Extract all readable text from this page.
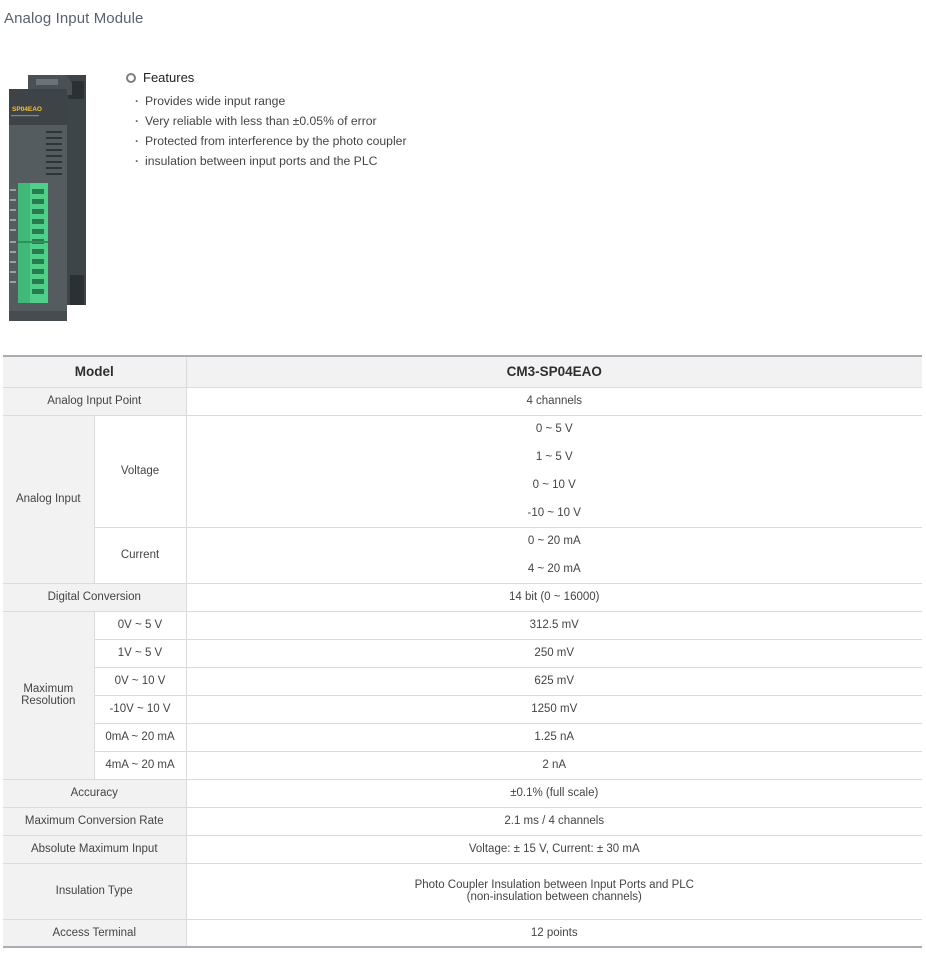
Analog Input Module
SP04EAO
Features
· Provides wide input range
· Very reliable with less than ±0.05% of error
· Protected from interference by the photo coupler
· insulation between input ports and the PLC
Model		CM3-SP04EAO
Analog Input Point		4 channels
Analog Input	Voltage	0 ~ 5 V
		1 ~ 5 V
		0 ~ 10 V
		-10 ~ 10 V
	Current	0 ~ 20 mA
		4 ~ 20 mA
Digital Conversion		14 bit (0 ~ 16000)
Maximum
Resolution	0V ~ 5 V	312.5 mV
	1V ~ 5 V	250 mV
	0V ~ 10 V	625 mV
	-10V ~ 10 V	1250 mV
	0mA ~ 20 mA	1.25 nA
	4mA ~ 20 mA	2 nA
Accuracy		±0.1% (full scale)
Maximum Conversion Rate		2.1 ms / 4 channels
Absolute Maximum Input		Voltage: ± 15 V, Current: ± 30 mA
Insulation Type		Photo Coupler Insulation between Input Ports and PLC
(non-insulation between channels)
Access Terminal		12 points
